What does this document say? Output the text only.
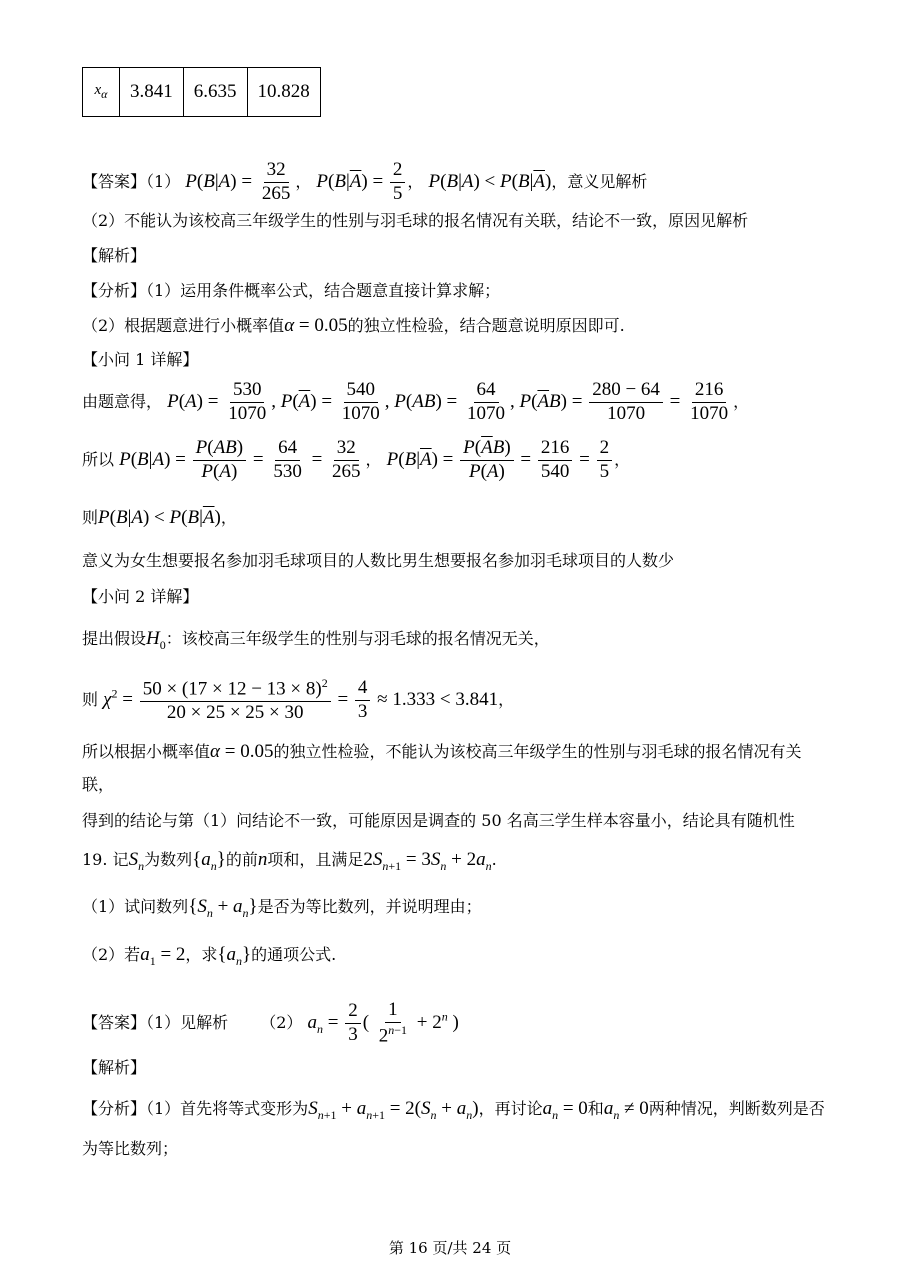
$x_\alpha$	3.841	6.635	10.828
【答案】（1） $P(B|A) = \frac{32}{265}$ ， $P(B|\overline{A}) = \frac{2}{5}$ ， $P(B|A) < P(B|\overline{A})$，意义见解析
（2）不能认为该校高三年级学生的性别与羽毛球的报名情况有关联，结论不一致，原因见解析
【解析】
【分析】（1）运用条件概率公式，结合题意直接计算求解；
（2）根据题意进行小概率值α = 0.05的独立性检验，结合题意说明原因即可.
【小问 1 详解】
由题意得， $P(A) = \frac{530}{1070}$ , $P(\overline{A}) = \frac{540}{1070}$ , $P(AB) = \frac{64}{1070}$ , $P(\overline{A}B) = \frac{280 - 64}{1070} = \frac{216}{1070}$ ，
所以 $P(B|A) = \frac{P(AB)}{P(A)} = \frac{64}{530} = \frac{32}{265}$ ， $P(B|\overline{A}) = \frac{P(\overline{A}B)}{P(\overline{A})} = \frac{216}{540} = \frac{2}{5}$ ，
则$P(B|A) < P(B|\overline{A})$，
意义为女生想要报名参加羽毛球项目的人数比男生想要报名参加羽毛球项目的人数少
【小问 2 详解】
提出假设$H_0$：该校高三年级学生的性别与羽毛球的报名情况无关，
则 $\chi^2 = \frac{50 \times (17 \times 12 - 13 \times 8)^2}{20 \times 25 \times 25 \times 30} = \frac{4}{3} \approx 1.333 < 3.841$，
所以根据小概率值α = 0.05的独立性检验，不能认为该校高三年级学生的性别与羽毛球的报名情况有关
联，
得到的结论与第（1）问结论不一致，可能原因是调查的 50 名高三学生样本容量小，结论具有随机性
19. 记$S_n$为数列$\{a_n\}$的前n项和，且满足$2S_{n+1} = 3S_n + 2a_n$.
（1）试问数列$\{S_n + a_n\}$是否为等比数列，并说明理由；
（2）若$a_1 = 2$，求$\{a_n\}$的通项公式.
【答案】（1）见解析   （2） $a_n = \frac{2}{3}$ ( $\frac{1}{2^{n-1}} + 2^n$ )
【解析】
【分析】（1）首先将等式变形为$S_{n+1} + a_{n+1} = 2(S_n + a_n)$，再讨论$a_n = 0$和$a_n \ne 0$两种情况，判断数列是否
为等比数列；
第 16 页/共 24 页
